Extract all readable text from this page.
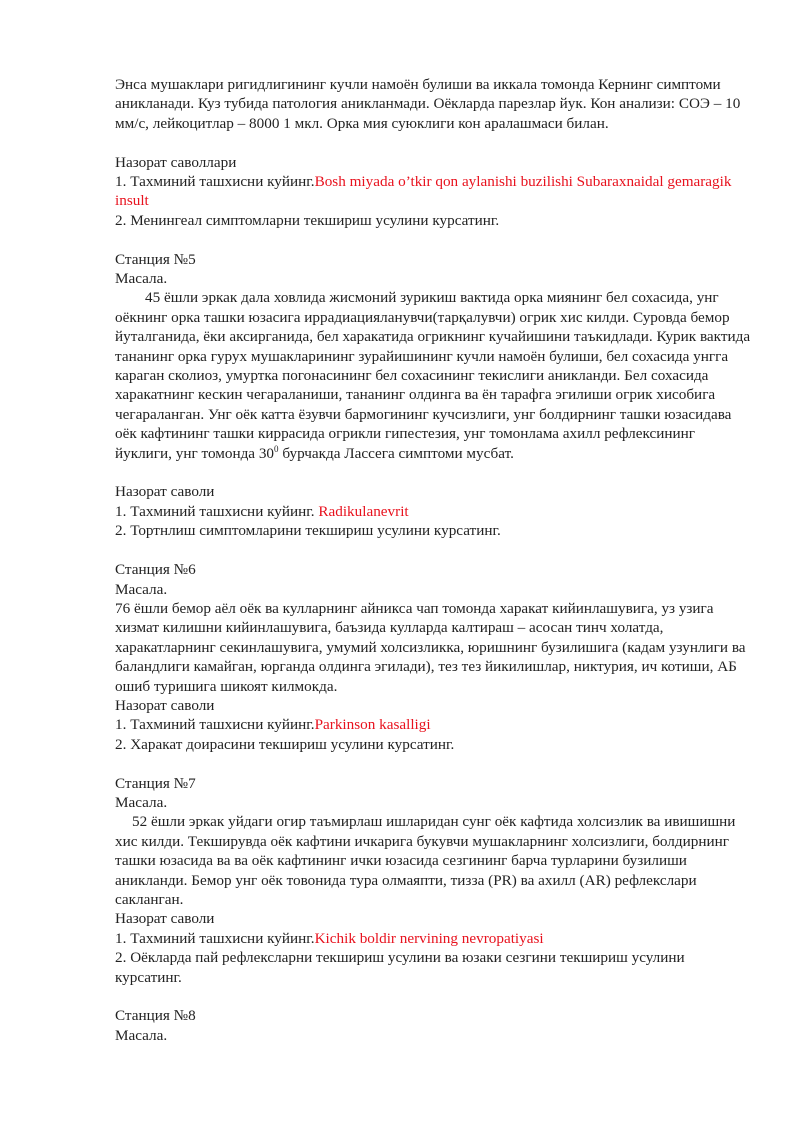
Энса мушаклари ригидлигининг кучли намоён булиши ва иккала томонда Кернинг симптоми аникланади. Куз тубида патология аникланмади. Оёкларда парезлар йук. Кон анализи: СОЭ – 10 мм/с, лейкоцитлар – 8000 1 мкл. Орка мия суюклиги кон аралашмаси билан.

Назорат саволлари

1. Тахминий ташхисни куйинг.Bosh miyada o’tkir qon aylanishi buzilishi Subaraxnaidal gemaragik insult

2. Менингеал симптомларни текшириш усулини курсатинг.

Станция №5

Масала.

45 ёшли эркак дала ховлида жисмоний зурикиш вактида орка миянинг бел сохасида, унг оёкнинг орка ташки юзасига иррадиацияланувчи(тарқалувчи) огрик хис килди. Суровда бемор йуталганида, ёки аксирганида, бел харакатида огрикнинг кучайишини таъкидлади. Курик вактида тананинг орка гурух мушакларининг зурайишининг кучли намоён булиши, бел сохасида унгга караган сколиоз, умуртка погонасининг бел сохасининг текислиги аникланди. Бел сохасида харакатнинг кескин чегараланиши, тананинг олдинга ва ён тарафга эгилиши огрик хисобига чегараланган. Унг оёк катта ёзувчи бармогининг кучсизлиги, унг болдирнинг ташки юзасидава оёк кафтининг ташки киррасида огрикли гипестезия, унг томонлама ахилл рефлексининг йуклиги, унг томонда $30^0$ бурчакда Лассега симптоми мусбат.

Назорат саволи

1. Тахминий ташхисни куйинг. Radikulanevrit

2. Тортнлиш симптомларини текшириш усулини курсатинг.

Станция №6

Масала.

76 ёшли бемор аёл оёк ва кулларнинг айникса чап томонда харакат кийинлашувига, уз узига хизмат килишни кийинлашувига, баъзида кулларда калтираш – асосан тинч холатда, харакатларнинг секинлашувига, умумий холсизликка, юришнинг бузилишига (кадам узунлиги ва баландлиги камайган, юрганда олдинга эгилади), тез тез йикилишлар, никтурия, ич котиши, АБ ошиб туришига шикоят килмокда.

Назорат саволи

1. Тахминий ташхисни куйинг.Parkinson kasalligi

2. Харакат доирасини текшириш усулини курсатинг.

Станция №7

Масала.

52 ёшли эркак уйдаги огир таъмирлаш ишларидан сунг оёк кафтида холсизлик ва ивишишни хис килди. Текширувда оёк кафтини ичкарига букувчи мушакларнинг холсизлиги, болдирнинг ташки юзасида ва ва оёк кафтининг ички юзасида сезгининг барча турларини бузилиши аникланди. Бемор унг оёк товонида тура олмаяпти, тизза (PR) ва ахилл (AR) рефлекслари сакланган.

Назорат саволи

1. Тахминий ташхисни куйинг.Kichik boldir nervining nevropatiyasi

2. Оёкларда пай рефлексларни текшириш усулини ва юзаки сезгини текшириш усулини курсатинг.

Станция №8

Масала.
